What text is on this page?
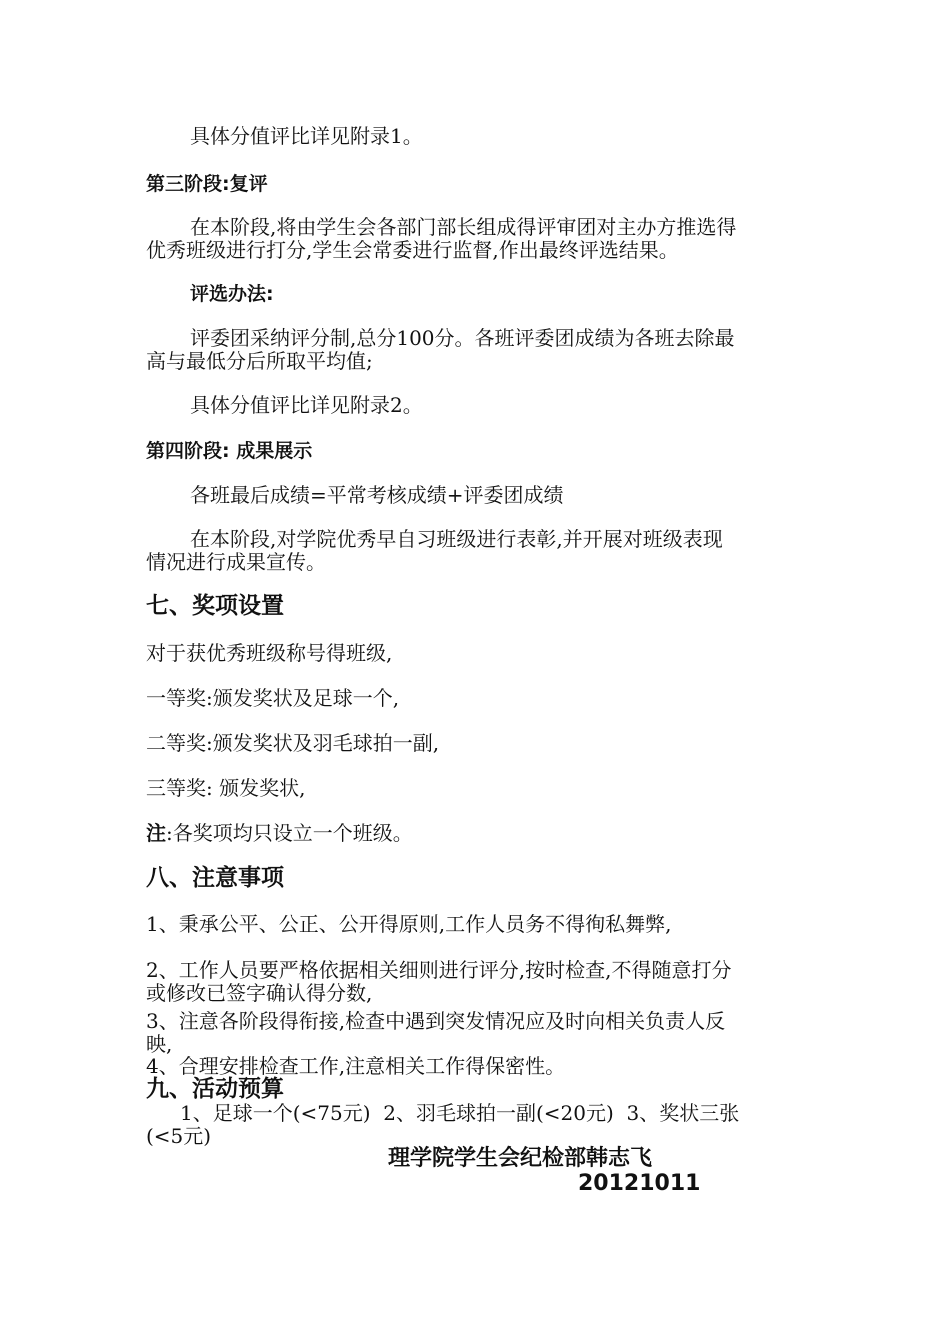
具体分值评比详见附录1。
第三阶段:复评
在本阶段,将由学生会各部门部长组成得评审团对主办方推选得
优秀班级进行打分,学生会常委进行监督,作出最终评选结果。
评选办法:
评委团采纳评分制,总分100分。各班评委团成绩为各班去除最
高与最低分后所取平均值;
具体分值评比详见附录2。
第四阶段: 成果展示
各班最后成绩=平常考核成绩+评委团成绩
在本阶段,对学院优秀早自习班级进行表彰,并开展对班级表现
情况进行成果宣传。
七、奖项设置
对于获优秀班级称号得班级,
一等奖:颁发奖状及足球一个,
二等奖:颁发奖状及羽毛球拍一副,
三等奖: 颁发奖状,
注:各奖项均只设立一个班级。
八、注意事项
1、秉承公平、公正、公开得原则,工作人员务不得徇私舞弊,
2、工作人员要严格依据相关细则进行评分,按时检查,不得随意打分
或修改已签字确认得分数,
3、注意各阶段得衔接,检查中遇到突发情况应及时向相关负责人反
映,
4、合理安排检查工作,注意相关工作得保密性。
九、活动预算
1、足球一个(<75元)  2、羽毛球拍一副(<20元)  3、奖状三张
(<5元)
理学院学生会纪检部韩志飞
20121011
